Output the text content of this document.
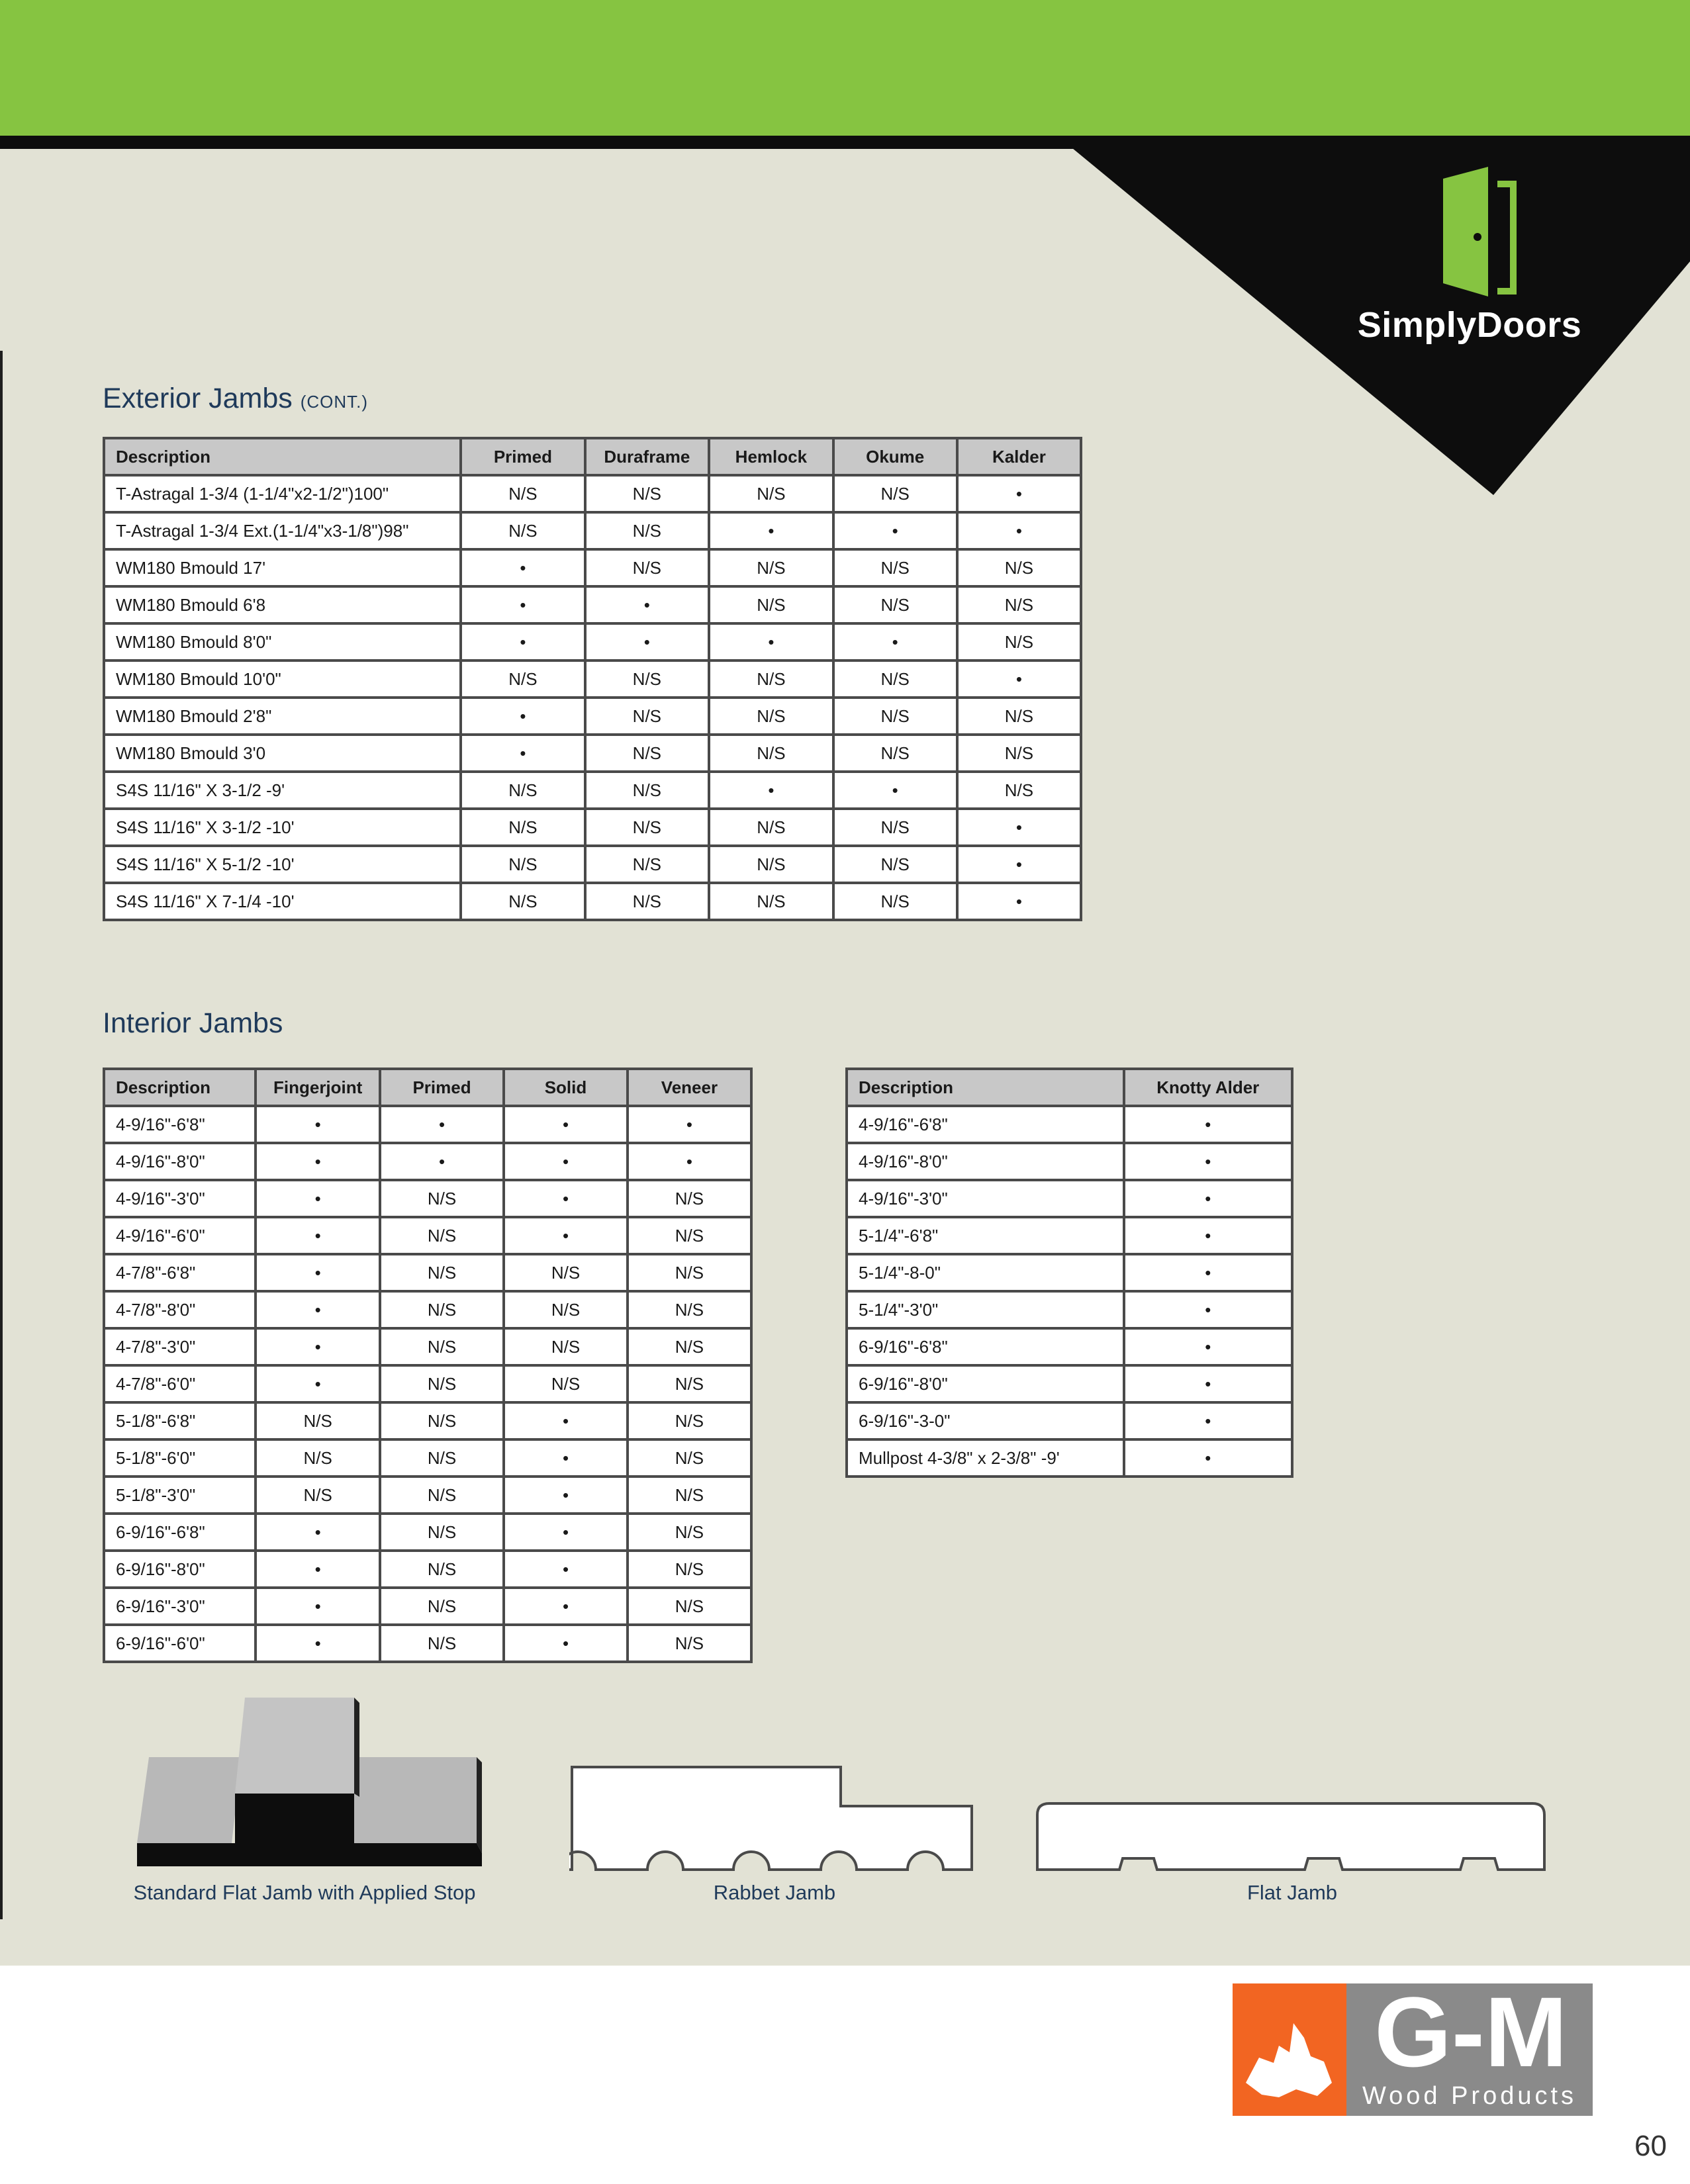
SimplyDoors
Exterior Jambs (CONT.)
Description	Primed	Duraframe	Hemlock	Okume	Kalder
T-Astragal 1-3/4 (1-1/4"x2-1/2")100"	N/S	N/S	N/S	N/S	•
T-Astragal 1-3/4 Ext.(1-1/4"x3-1/8")98"	N/S	N/S	•	•	•
WM180 Bmould 17'	•	N/S	N/S	N/S	N/S
WM180 Bmould 6'8	•	•	N/S	N/S	N/S
WM180 Bmould 8'0"	•	•	•	•	N/S
WM180 Bmould 10'0"	N/S	N/S	N/S	N/S	•
WM180 Bmould 2'8"	•	N/S	N/S	N/S	N/S
WM180 Bmould 3'0	•	N/S	N/S	N/S	N/S
S4S 11/16" X 3-1/2 -9'	N/S	N/S	•	•	N/S
S4S 11/16" X 3-1/2 -10'	N/S	N/S	N/S	N/S	•
S4S 11/16" X 5-1/2 -10'	N/S	N/S	N/S	N/S	•
S4S 11/16" X 7-1/4 -10'	N/S	N/S	N/S	N/S	•
Interior Jambs
Description	Fingerjoint	Primed	Solid	Veneer
4-9/16"-6'8"	•	•	•	•
4-9/16"-8'0"	•	•	•	•
4-9/16"-3'0"	•	N/S	•	N/S
4-9/16"-6'0"	•	N/S	•	N/S
4-7/8"-6'8"	•	N/S	N/S	N/S
4-7/8"-8'0"	•	N/S	N/S	N/S
4-7/8"-3'0"	•	N/S	N/S	N/S
4-7/8"-6'0"	•	N/S	N/S	N/S
5-1/8"-6'8"	N/S	N/S	•	N/S
5-1/8"-6'0"	N/S	N/S	•	N/S
5-1/8"-3'0"	N/S	N/S	•	N/S
6-9/16"-6'8"	•	N/S	•	N/S
6-9/16"-8'0"	•	N/S	•	N/S
6-9/16"-3'0"	•	N/S	•	N/S
6-9/16"-6'0"	•	N/S	•	N/S
Description	Knotty Alder
4-9/16"-6'8"	•
4-9/16"-8'0"	•
4-9/16"-3'0"	•
5-1/4"-6'8"	•
5-1/4"-8-0"	•
5-1/4"-3'0"	•
6-9/16"-6'8"	•
6-9/16"-8'0"	•
6-9/16"-3-0"	•
Mullpost 4-3/8" x 2-3/8" -9'	•
Standard Flat Jamb with Applied Stop	Rabbet Jamb	Flat Jamb
G-M
Wood Products
60
